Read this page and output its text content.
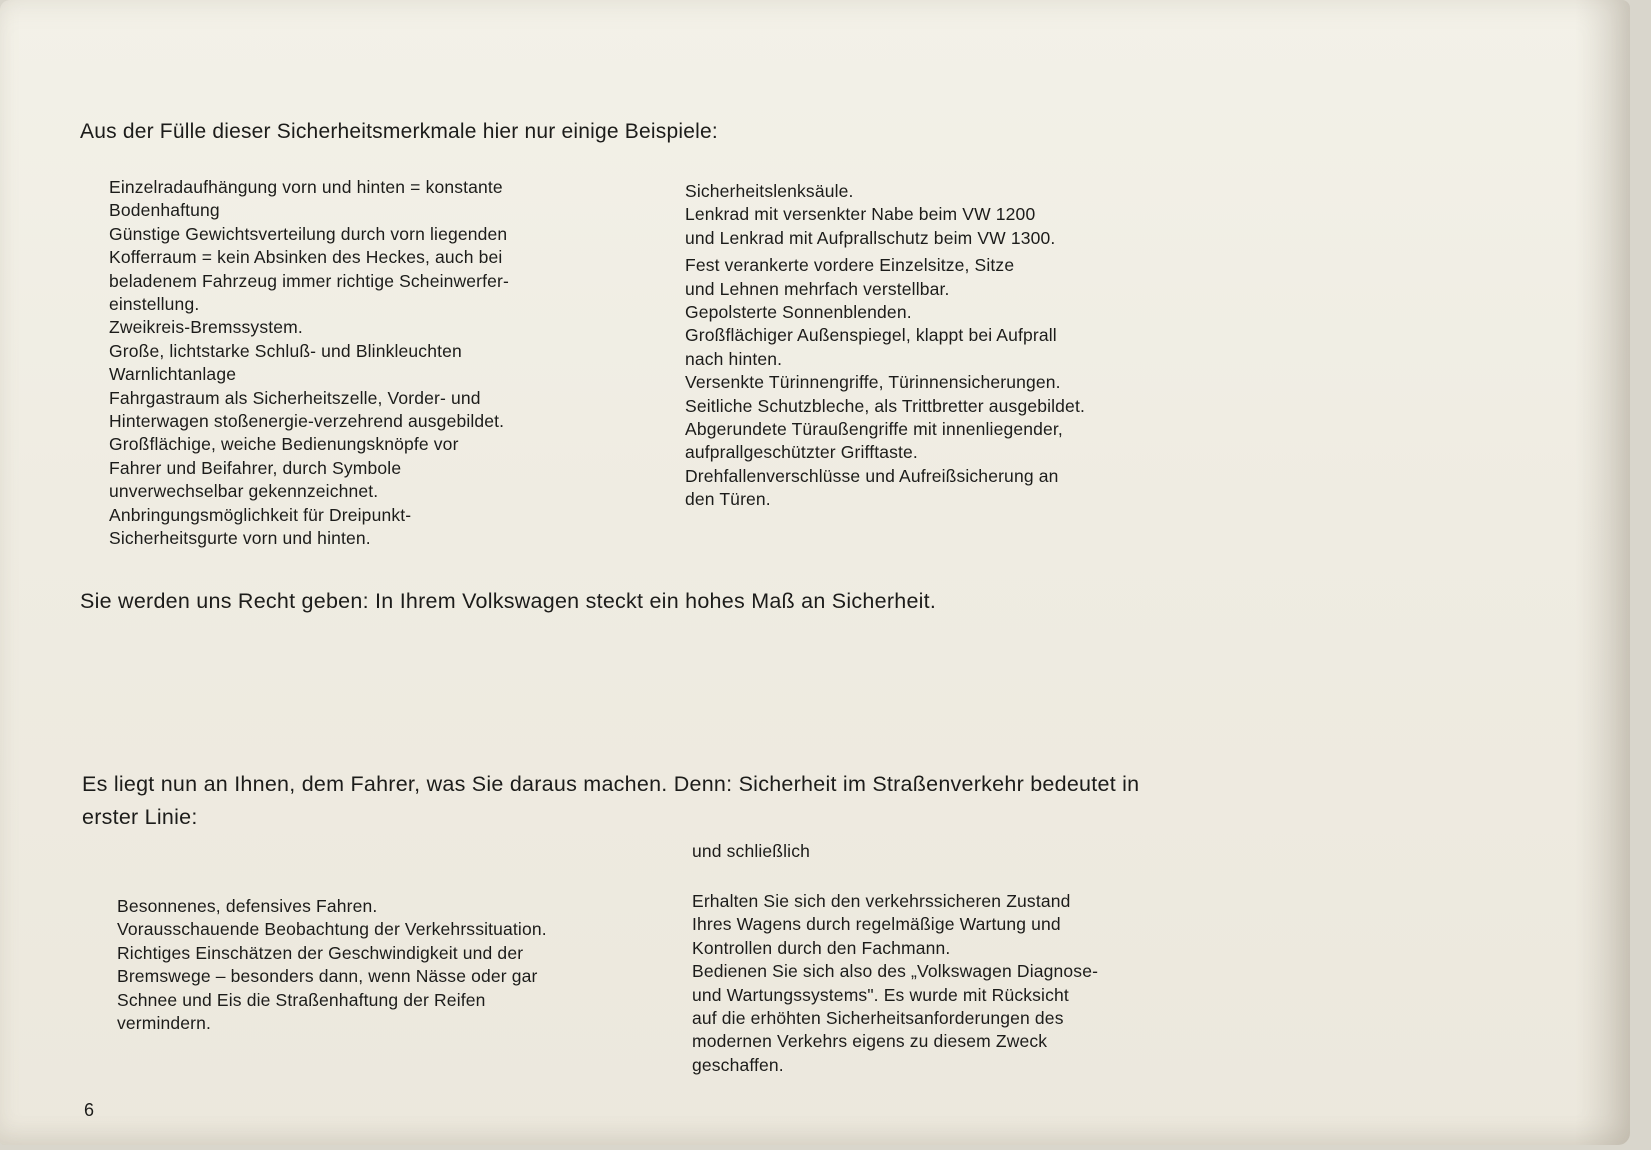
Aus der Fülle dieser Sicherheitsmerkmale hier nur einige Beispiele:

Einzelradaufhängung vorn und hinten = konstante
Bodenhaftung
Günstige Gewichtsverteilung durch vorn liegenden
Kofferraum = kein Absinken des Heckes, auch bei
beladenem Fahrzeug immer richtige Scheinwerfer-
einstellung.
Zweikreis-Bremssystem.
Große, lichtstarke Schluß- und Blinkleuchten
Warnlichtanlage
Fahrgastraum als Sicherheitszelle, Vorder- und
Hinterwagen stoßenergie-verzehrend ausgebildet.
Großflächige, weiche Bedienungsknöpfe vor
Fahrer und Beifahrer, durch Symbole
unverwechselbar gekennzeichnet.
Anbringungsmöglichkeit für Dreipunkt-
Sicherheitsgurte vorn und hinten.
Sicherheitslenksäule.
Lenkrad mit versenkter Nabe beim VW 1200
und Lenkrad mit Aufprallschutz beim VW 1300.
Fest verankerte vordere Einzelsitze, Sitze
und Lehnen mehrfach verstellbar.
Gepolsterte Sonnenblenden.
Großflächiger Außenspiegel, klappt bei Aufprall
nach hinten.
Versenkte Türinnengriffe, Türinnensicherungen.
Seitliche Schutzbleche, als Trittbretter ausgebildet.
Abgerundete Türaußengriffe mit innenliegender,
aufprallgeschützter Grifftaste.
Drehfallenverschlüsse und Aufreißsicherung an
den Türen.

Sie werden uns Recht geben: In Ihrem Volkswagen steckt ein hohes Maß an Sicherheit.

Es liegt nun an Ihnen, dem Fahrer, was Sie daraus machen. Denn: Sicherheit im Straßenverkehr bedeutet in erster Linie:

und schließlich

Besonnenes, defensives Fahren.
Vorausschauende Beobachtung der Verkehrssituation.
Richtiges Einschätzen der Geschwindigkeit und der
Bremswege – besonders dann, wenn Nässe oder gar
Schnee und Eis die Straßenhaftung der Reifen
vermindern.
Erhalten Sie sich den verkehrssicheren Zustand
Ihres Wagens durch regelmäßige Wartung und
Kontrollen durch den Fachmann.
Bedienen Sie sich also des „Volkswagen Diagnose-
und Wartungssystems". Es wurde mit Rücksicht
auf die erhöhten Sicherheitsanforderungen des
modernen Verkehrs eigens zu diesem Zweck
geschaffen.

6
